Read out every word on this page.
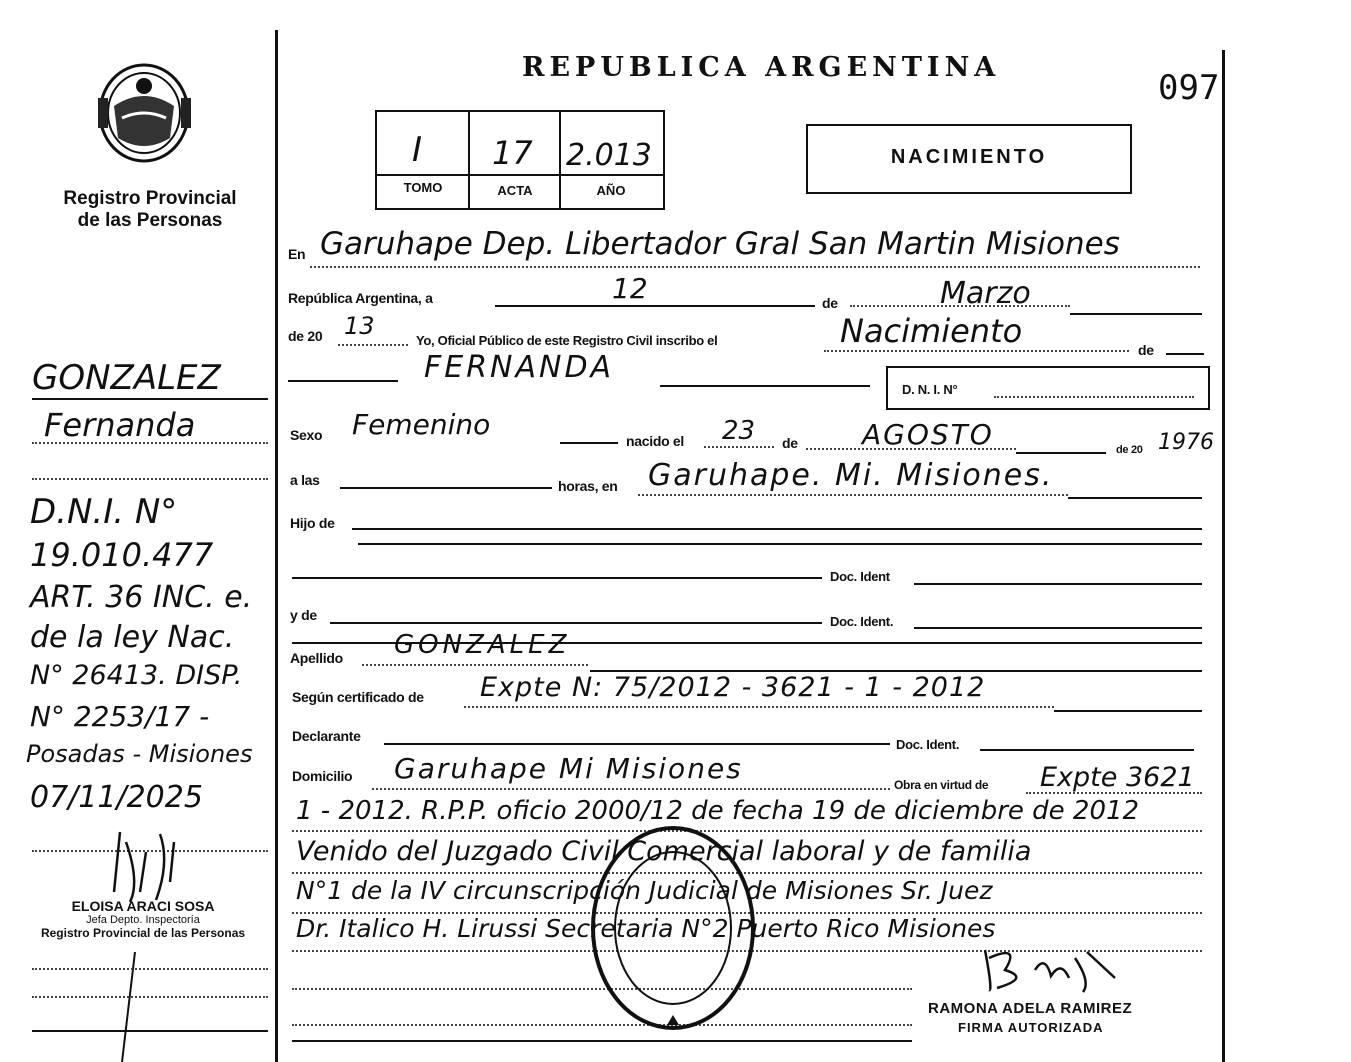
Registro Provincial
de las Personas
GONZALEZ
Fernanda
D.N.I. N°
19.010.477
ART. 36 INC. e.
de la ley Nac.
N° 26413. DISP.
N° 2253/17 -
Posadas - Misiones
07/11/2025
ELOISA ARACI SOSA
Jefa Depto. Inspectoría
Registro Provincial de las Personas
REPUBLICA ARGENTINA
097
I 17 2.013
TOMO	ACTA	AÑO
NACIMIENTO
En Garuhape Dep. Libertador Gral San Martin Misiones
República Argentina, a	12	de	Marzo
de 20 13
Yo, Oficial Público de este Registro Civil inscribo el	Nacimiento	de
FERNANDA
D. N. I. N°
Sexo Femenino	nacido el 23 de AGOSTO	de 20 1976
a las	horas, en Garuhape. Mi. Misiones.
Hijo de
Doc. Ident
y de	Doc. Ident.
Apellido GONZALEZ
Según certificado de Expte N: 75/2012 - 3621 - 1 - 2012
Declarante
Doc. Ident.
Domicilio Garuhape Mi Misiones	Obra en virtud de Expte 3621
1 - 2012. R.P.P. oficio 2000/12 de fecha 19 de diciembre de 2012
Venido del Juzgado Civil Comercial laboral y de familia
N°1 de la IV circunscripción Judicial de Misiones Sr. Juez
Dr. Italico H. Lirussi Secretaria N°2 Puerto Rico Misiones
RAMONA ADELA RAMIREZ
FIRMA AUTORIZADA
